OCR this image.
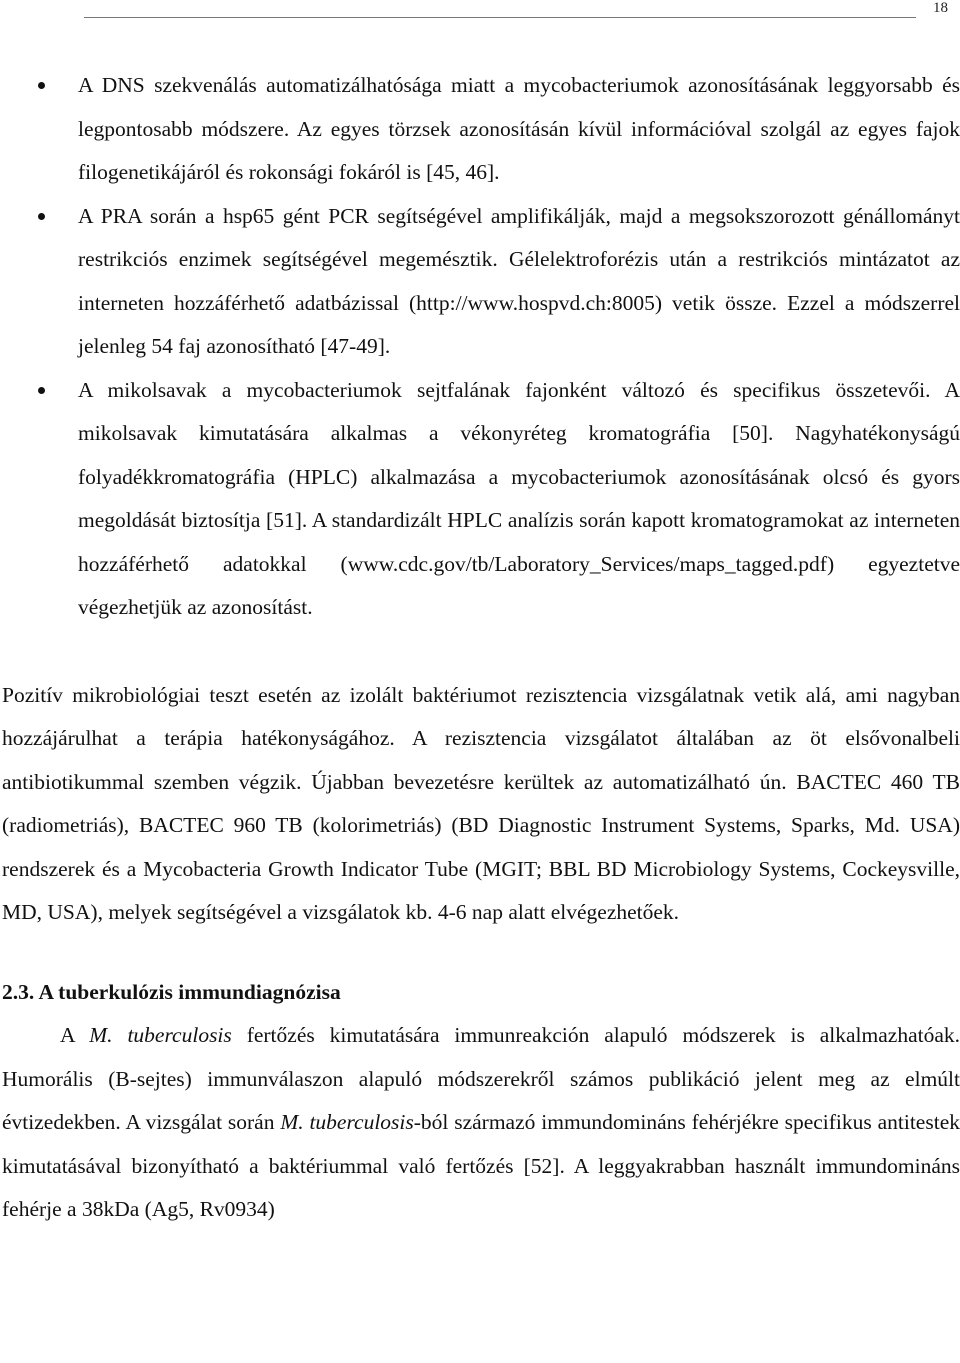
18
A DNS szekvenálás automatizálhatósága miatt a mycobacteriumok azonosításának leggyorsabb és legpontosabb módszere. Az egyes törzsek azonosításán kívül információval szolgál az egyes fajok filogenetikájáról és rokonsági fokáról is [45, 46].
A PRA során a hsp65 gént PCR segítségével amplifikálják, majd a megsokszorozott génállományt restrikciós enzimek segítségével megemésztik. Gélelektroforézis után a restrikciós mintázatot az interneten hozzáférhető adatbázissal (http://www.hospvd.ch:8005) vetik össze. Ezzel a módszerrel jelenleg 54 faj azonosítható [47-49].
A mikolsavak a mycobacteriumok sejtfalának fajonként változó és specifikus összetevői. A mikolsavak kimutatására alkalmas a vékonyréteg kromatográfia [50]. Nagyhatékonyságú folyadékkromatográfia (HPLC) alkalmazása a mycobacteriumok azonosításának olcsó és gyors megoldását biztosítja [51]. A standardizált HPLC analízis során kapott kromatogramokat az interneten hozzáférhető adatokkal (www.cdc.gov/tb/Laboratory_Services/maps_tagged.pdf) egyeztetve végezhetjük az azonosítást.

Pozitív mikrobiológiai teszt esetén az izolált baktériumot rezisztencia vizsgálatnak vetik alá, ami nagyban hozzájárulhat a terápia hatékonyságához. A rezisztencia vizsgálatot általában az öt elsővonalbeli antibiotikummal szemben végzik. Újabban bevezetésre kerültek az automatizálható ún. BACTEC 460 TB (radiometriás), BACTEC 960 TB (kolorimetriás) (BD Diagnostic Instrument Systems, Sparks, Md. USA) rendszerek és a Mycobacteria Growth Indicator Tube (MGIT; BBL BD Microbiology Systems, Cockeysville, MD, USA), melyek segítségével a vizsgálatok kb. 4-6 nap alatt elvégezhetőek.

2.3. A tuberkulózis immundiagnózisa

A M. tuberculosis fertőzés kimutatására immunreakción alapuló módszerek is alkalmazhatóak. Humorális (B-sejtes) immunválaszon alapuló módszerekről számos publikáció jelent meg az elmúlt évtizedekben. A vizsgálat során M. tuberculosis-ból származó immundomináns fehérjékre specifikus antitestek kimutatásával bizonyítható a baktériummal való fertőzés [52]. A leggyakrabban használt immundomináns fehérje a 38kDa (Ag5, Rv0934)
